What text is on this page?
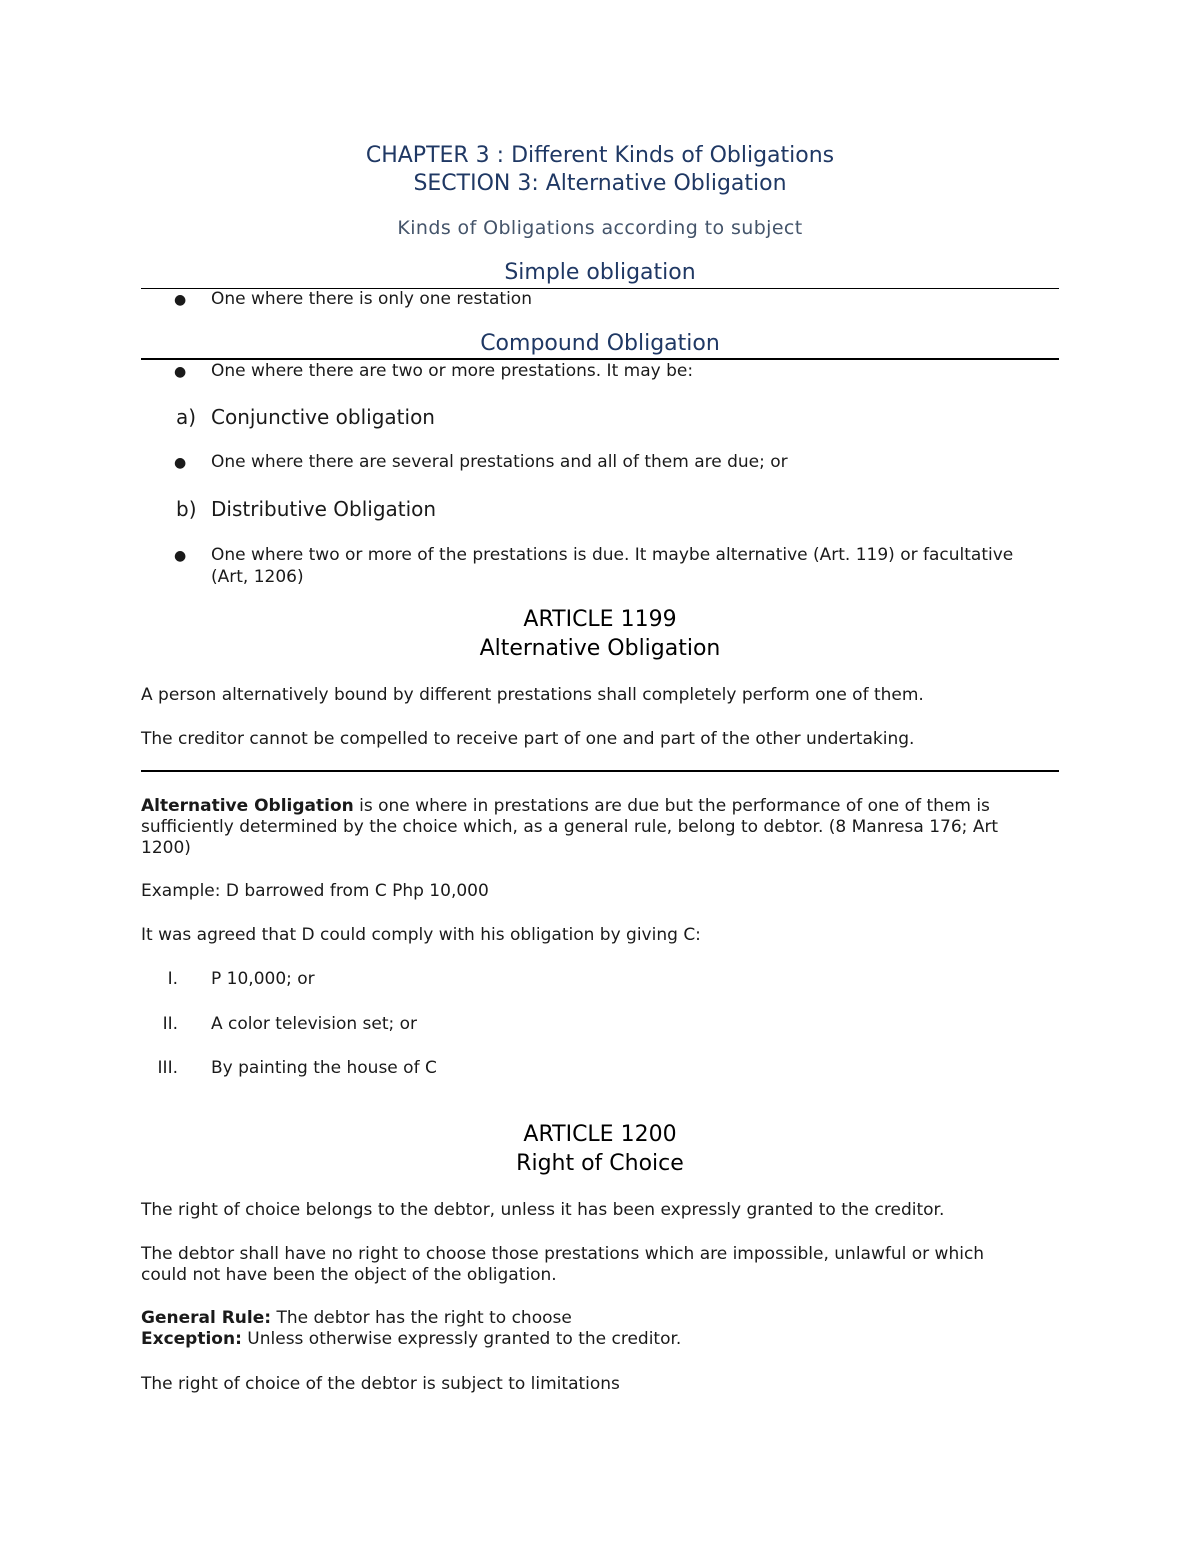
CHAPTER 3 : Different Kinds of Obligations

SECTION 3: Alternative Obligation

Kinds of Obligations according to subject

Simple obligation

● One where there is only one restation

Compound Obligation

● One where there are two or more prestations. It may be:

a) Conjunctive obligation

● One where there are several prestations and all of them are due; or

b) Distributive Obligation

● One where two or more of the prestations is due. It maybe alternative (Art. 119) or facultative

(Art, 1206)

ARTICLE 1199

Alternative Obligation

A person alternatively bound by different prestations shall completely perform one of them.

The creditor cannot be compelled to receive part of one and part of the other undertaking.

Alternative Obligation is one where in prestations are due but the performance of one of them is

sufficiently determined by the choice which, as a general rule, belong to debtor. (8 Manresa 176; Art

1200)

Example: D barrowed from C Php 10,000

It was agreed that D could comply with his obligation by giving C:

I. P 10,000; or

II. A color television set; or

III. By painting the house of C

ARTICLE 1200

Right of Choice

The right of choice belongs to the debtor, unless it has been expressly granted to the creditor.

The debtor shall have no right to choose those prestations which are impossible, unlawful or which

could not have been the object of the obligation.

General Rule: The debtor has the right to choose

Exception: Unless otherwise expressly granted to the creditor.

The right of choice of the debtor is subject to limitations
